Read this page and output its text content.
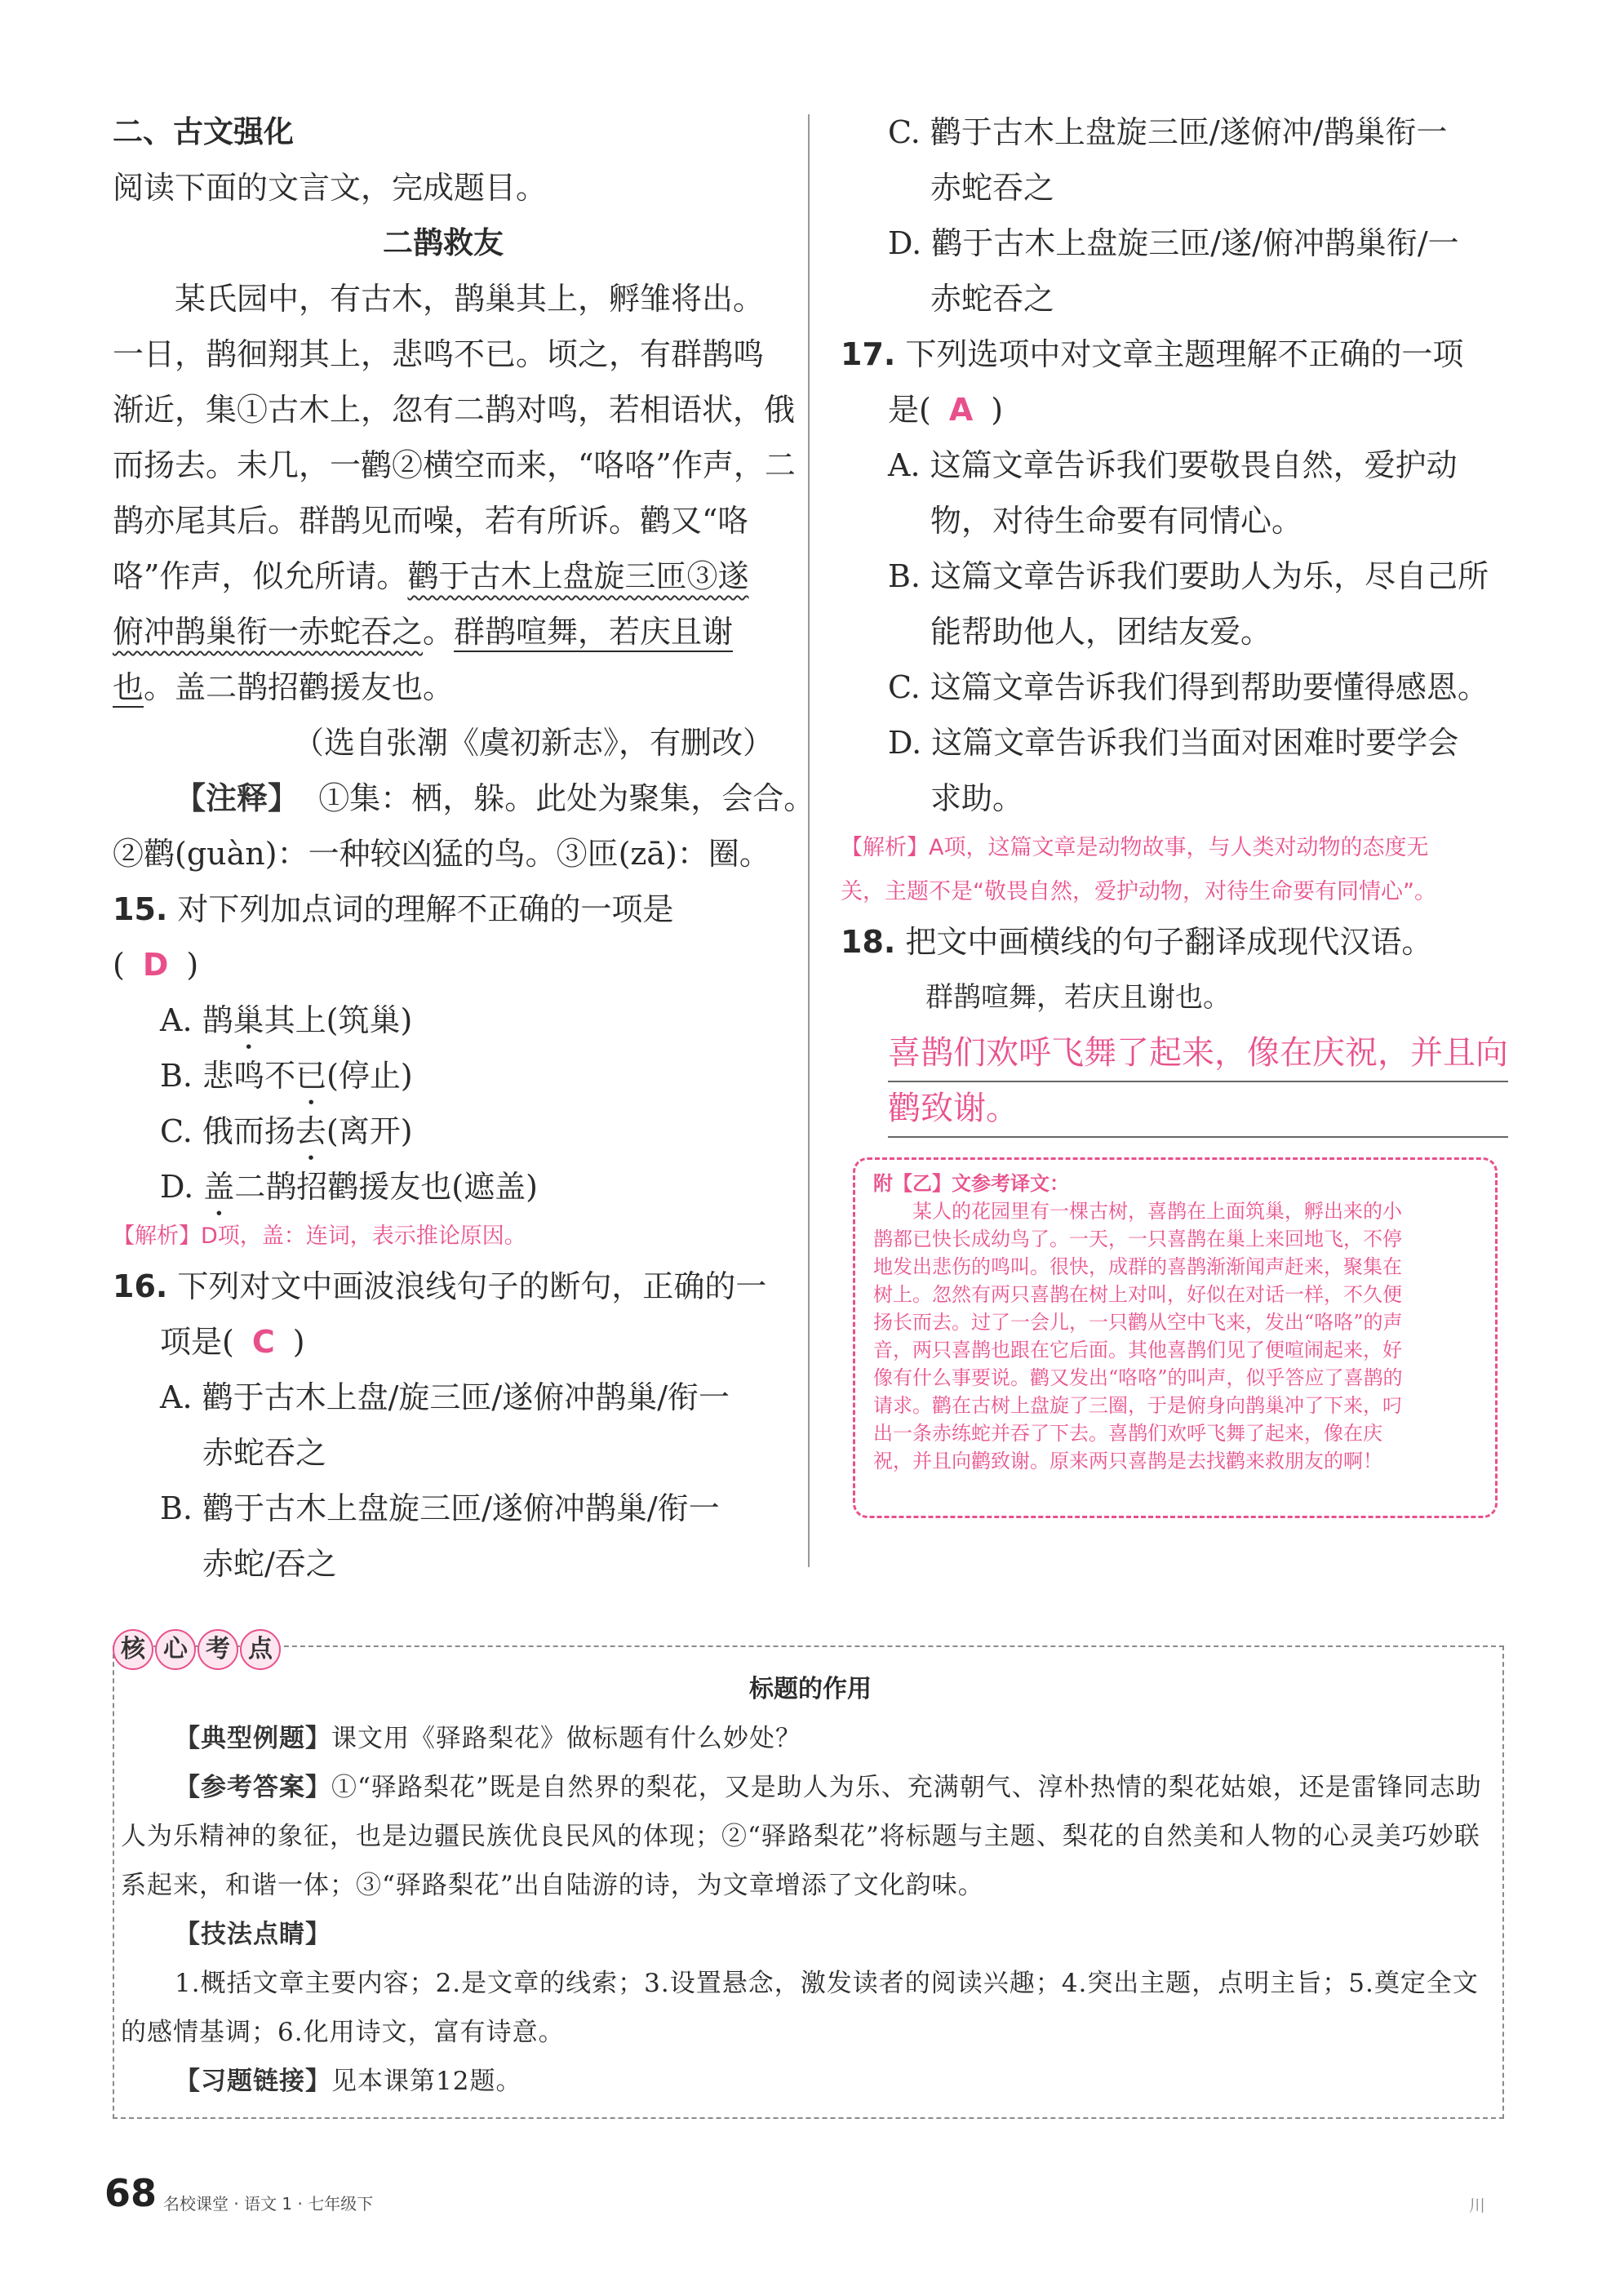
二、古文强化
阅读下面的文言文，完成题目。
二鹊救友
某氏园中，有古木，鹊巢其上，孵雏将出。
一日，鹊徊翔其上，悲鸣不已。顷之，有群鹊鸣
渐近，集①古木上，忽有二鹊对鸣，若相语状，俄
而扬去。未几，一鹳②横空而来，“咯咯”作声，二
鹊亦尾其后。群鹊见而噪，若有所诉。鹳又“咯
咯”作声，似允所请。鹳于古木上盘旋三匝③遂
俯冲鹊巢衔一赤蛇吞之。群鹊喧舞，若庆且谢
也。盖二鹊招鹳援友也。
（选自张潮《虞初新志》，有删改）
【注释】 ①集：栖，躲。此处为聚集，会合。
②鹳(guàn)：一种较凶猛的鸟。③匝(zā)：圈。
15. 对下列加点词的理解不正确的一项是
( D )
A. 鹊巢其上(筑巢)
B. 悲鸣不已(停止)
C. 俄而扬去(离开)
D. 盖二鹊招鹳援友也(遮盖)
【解析】D项，盖：连词，表示推论原因。
16. 下列对文中画波浪线句子的断句，正确的一
项是( C )
A. 鹳于古木上盘/旋三匝/遂俯冲鹊巢/衔一
赤蛇吞之
B. 鹳于古木上盘旋三匝/遂俯冲鹊巢/衔一
赤蛇/吞之
C. 鹳于古木上盘旋三匝/遂俯冲/鹊巢衔一
赤蛇吞之
D. 鹳于古木上盘旋三匝/遂/俯冲鹊巢衔/一
赤蛇吞之
17. 下列选项中对文章主题理解不正确的一项
是( A )
A. 这篇文章告诉我们要敬畏自然，爱护动
物，对待生命要有同情心。
B. 这篇文章告诉我们要助人为乐，尽自己所
能帮助他人，团结友爱。
C. 这篇文章告诉我们得到帮助要懂得感恩。
D. 这篇文章告诉我们当面对困难时要学会
求助。
【解析】A项，这篇文章是动物故事，与人类对动物的态度无
关，主题不是“敬畏自然，爱护动物，对待生命要有同情心”。
18. 把文中画横线的句子翻译成现代汉语。
群鹊喧舞，若庆且谢也。
喜鹊们欢呼飞舞了起来，像在庆祝，并且向
鹳致谢。
附【乙】文参考译文：
某人的花园里有一棵古树，喜鹊在上面筑巢，孵出来的小
鹊都已快长成幼鸟了。一天，一只喜鹊在巢上来回地飞，不停
地发出悲伤的鸣叫。很快，成群的喜鹊渐渐闻声赶来，聚集在
树上。忽然有两只喜鹊在树上对叫，好似在对话一样，不久便
扬长而去。过了一会儿，一只鹳从空中飞来，发出“咯咯”的声
音，两只喜鹊也跟在它后面。其他喜鹊们见了便喧闹起来，好
像有什么事要说。鹳又发出“咯咯”的叫声，似乎答应了喜鹊的
请求。鹳在古树上盘旋了三圈，于是俯身向鹊巢冲了下来，叼
出一条赤练蛇并吞了下去。喜鹊们欢呼飞舞了起来，像在庆
祝，并且向鹳致谢。原来两只喜鹊是去找鹳来救朋友的啊！
核 心 考 点
标题的作用
【典型例题】课文用《驿路梨花》做标题有什么妙处？
【参考答案】①“驿路梨花”既是自然界的梨花，又是助人为乐、充满朝气、淳朴热情的梨花姑娘，还是雷锋同志助人为乐精神的象征，也是边疆民族优良民风的体现；②“驿路梨花”将标题与主题、梨花的自然美和人物的心灵美巧妙联系起来，和谐一体；③“驿路梨花”出自陆游的诗，为文章增添了文化韵味。
【技法点睛】
1.概括文章主要内容；2.是文章的线索；3.设置悬念，激发读者的阅读兴趣；4.突出主题，点明主旨；5.奠定全文的感情基调；6.化用诗文，富有诗意。
【习题链接】见本课第12题。
68 名校课堂 · 语文 1 · 七年级下	川
